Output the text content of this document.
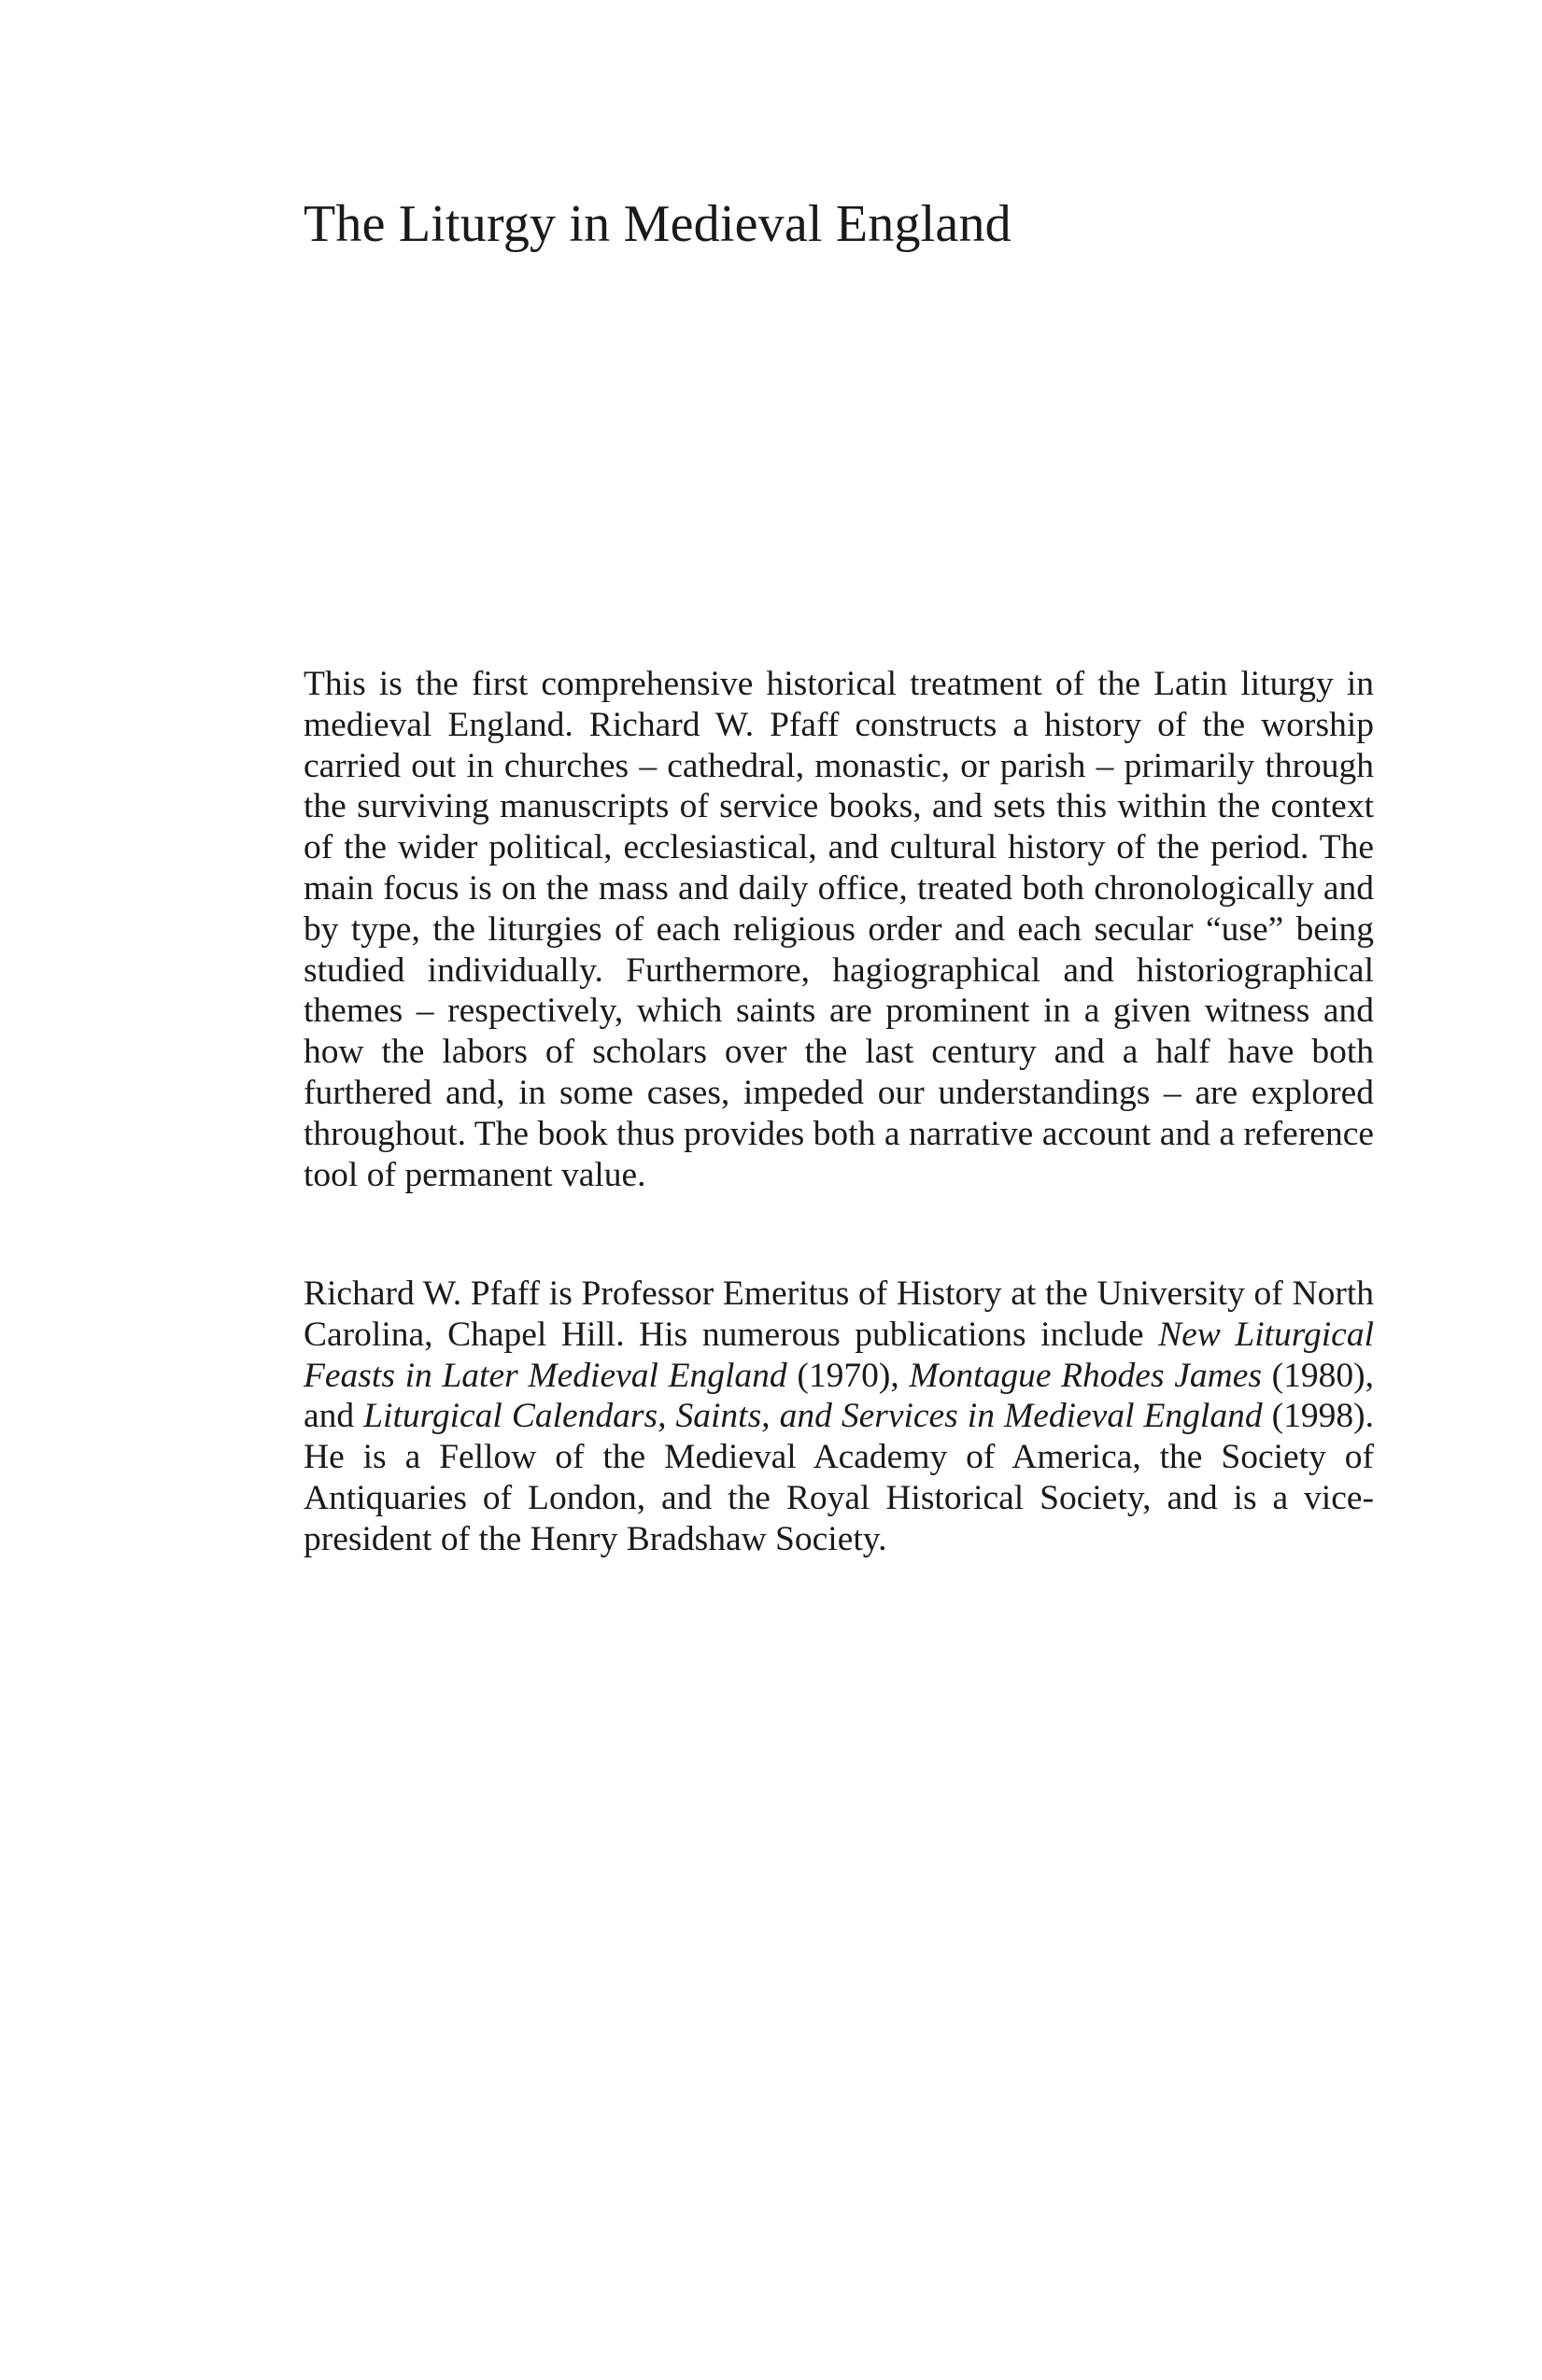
The Liturgy in Medieval England

This is the first comprehensive historical treatment of the Latin liturgy in medieval England. Richard W. Pfaff constructs a history of the worship carried out in churches – cathedral, monastic, or parish – primarily through the surviving manuscripts of service books, and sets this within the context of the wider political, ecclesiastical, and cultural history of the period. The main focus is on the mass and daily office, treated both chronologically and by type, the liturgies of each religious order and each secular “use” being studied individually. Furthermore, hagiographical and historiographical themes – respectively, which saints are prominent in a given witness and how the labors of scholars over the last century and a half have both furthered and, in some cases, impeded our understandings – are explored throughout. The book thus provides both a narrative account and a reference tool of permanent value.

Richard W. Pfaff is Professor Emeritus of History at the University of North Carolina, Chapel Hill. His numerous publications include New Liturgical Feasts in Later Medieval England (1970), Montague Rhodes James (1980), and Liturgical Calendars, Saints, and Services in Medieval England (1998). He is a Fellow of the Medieval Academy of America, the Society of Antiquaries of London, and the Royal Historical Society, and is a vice-president of the Henry Bradshaw Society.
